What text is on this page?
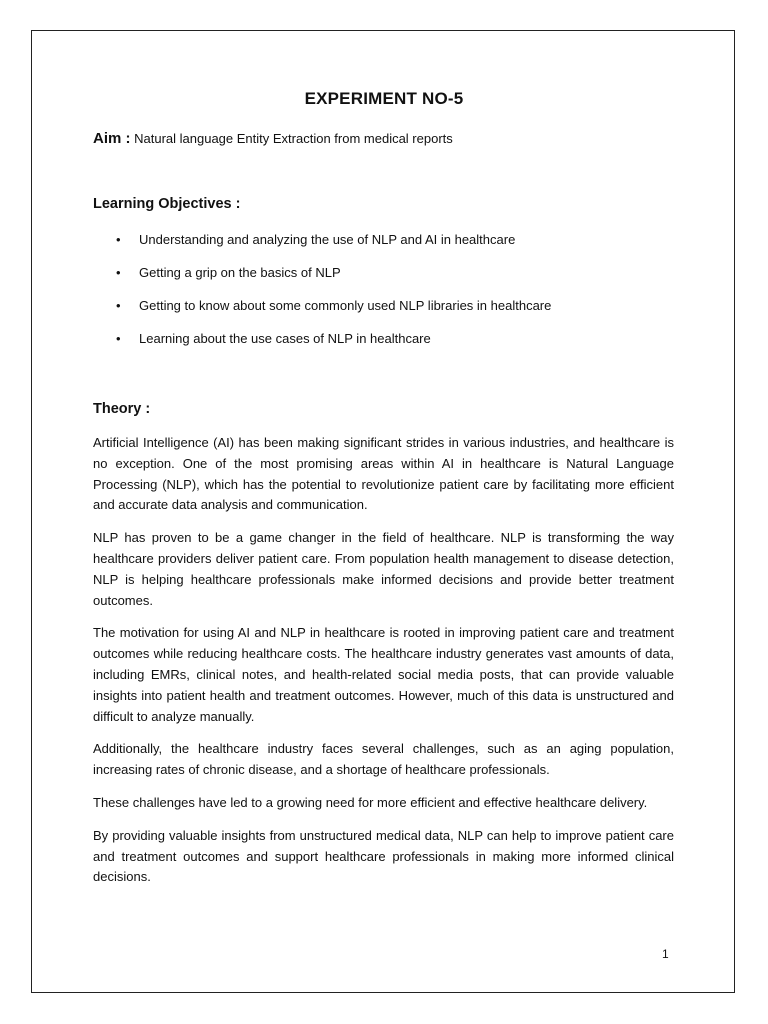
EXPERIMENT NO-5
Aim : Natural language Entity Extraction from medical reports
Learning Objectives :
• Understanding and analyzing the use of NLP and AI in healthcare
• Getting a grip on the basics of NLP
• Getting to know about some commonly used NLP libraries in healthcare
• Learning about the use cases of NLP in healthcare
Theory :

Artificial Intelligence (AI) has been making significant strides in various industries, and healthcare is no exception. One of the most promising areas within AI in healthcare is Natural Language Processing (NLP), which has the potential to revolutionize patient care by facilitating more efficient and accurate data analysis and communication.

NLP has proven to be a game changer in the field of healthcare. NLP is transforming the way healthcare providers deliver patient care. From population health management to disease detection, NLP is helping healthcare professionals make informed decisions and provide better treatment outcomes.

The motivation for using AI and NLP in healthcare is rooted in improving patient care and treatment outcomes while reducing healthcare costs. The healthcare industry generates vast amounts of data, including EMRs, clinical notes, and health-related social media posts, that can provide valuable insights into patient health and treatment outcomes. However, much of this data is unstructured and difficult to analyze manually.

Additionally, the healthcare industry faces several challenges, such as an aging population, increasing rates of chronic disease, and a shortage of healthcare professionals.

These challenges have led to a growing need for more efficient and effective healthcare delivery.

By providing valuable insights from unstructured medical data, NLP can help to improve patient care and treatment outcomes and support healthcare professionals in making more informed clinical decisions.

1
